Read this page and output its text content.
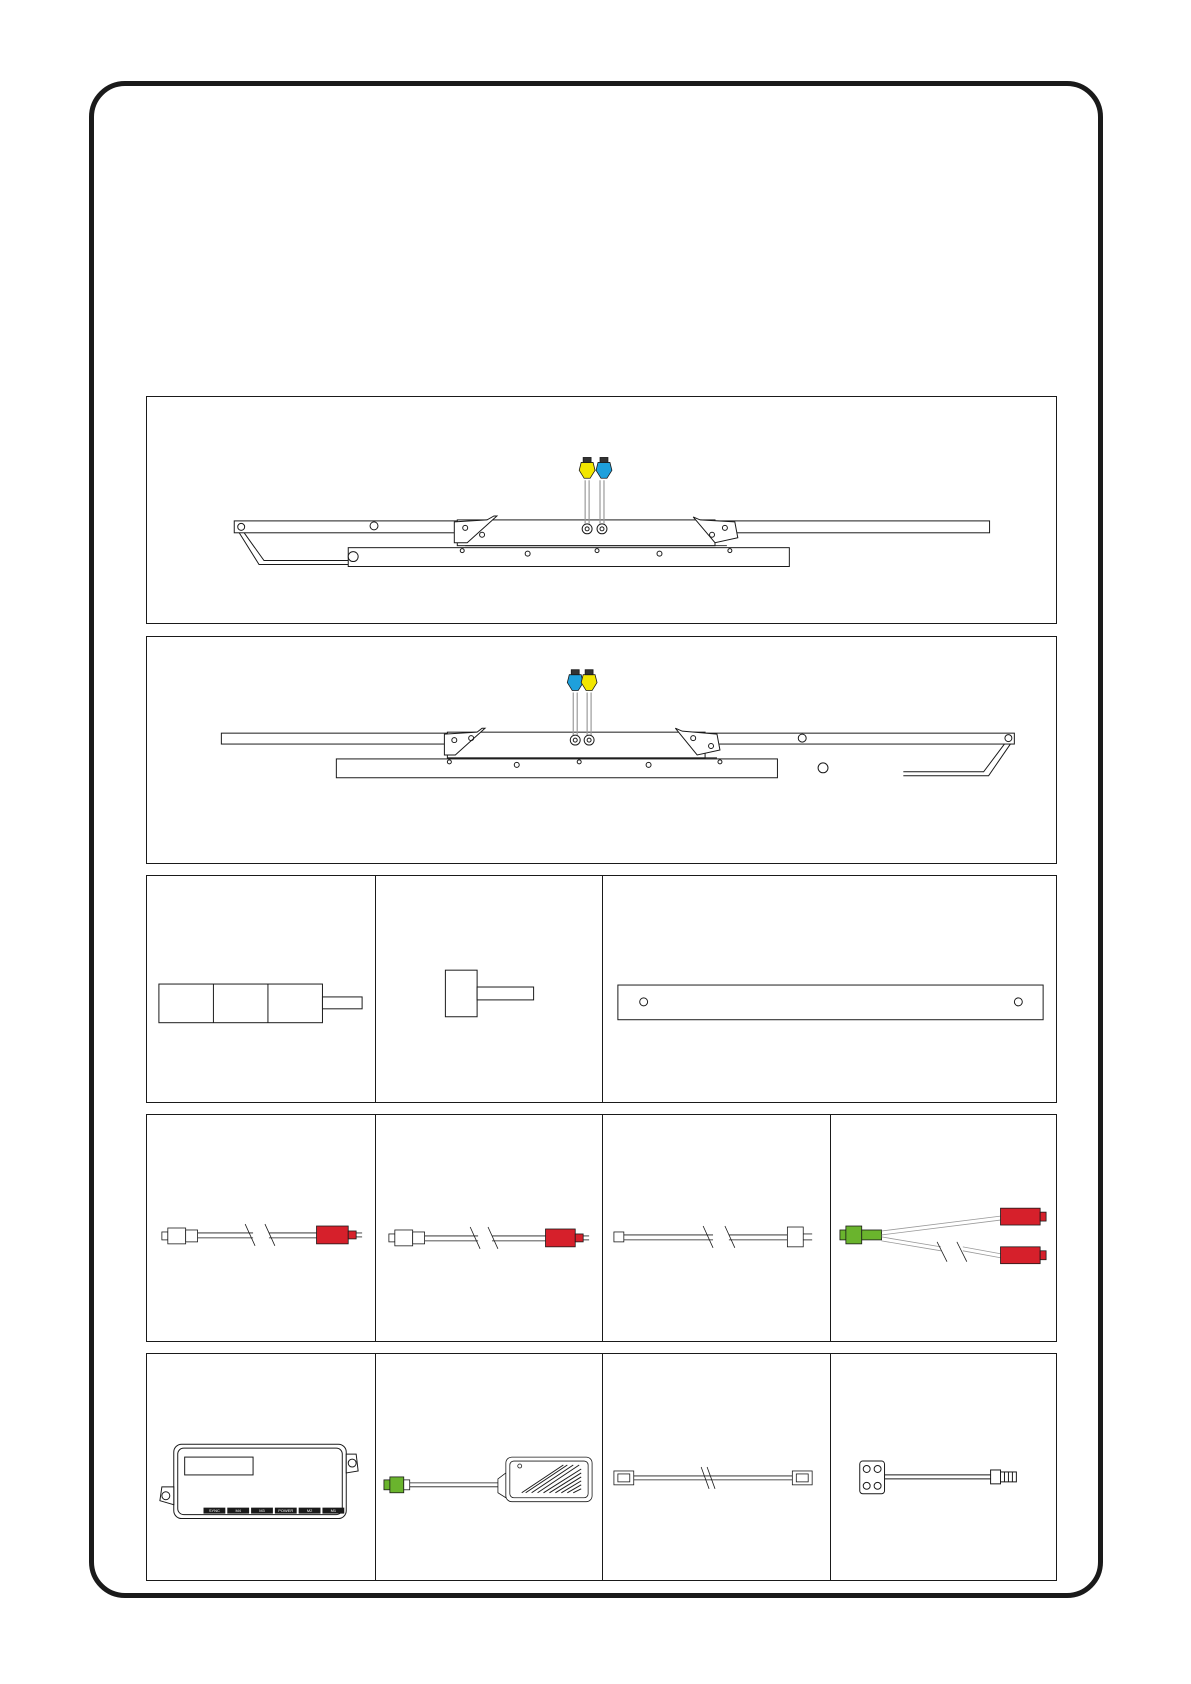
SYNC	M4	M3	POWER	M2	M1
